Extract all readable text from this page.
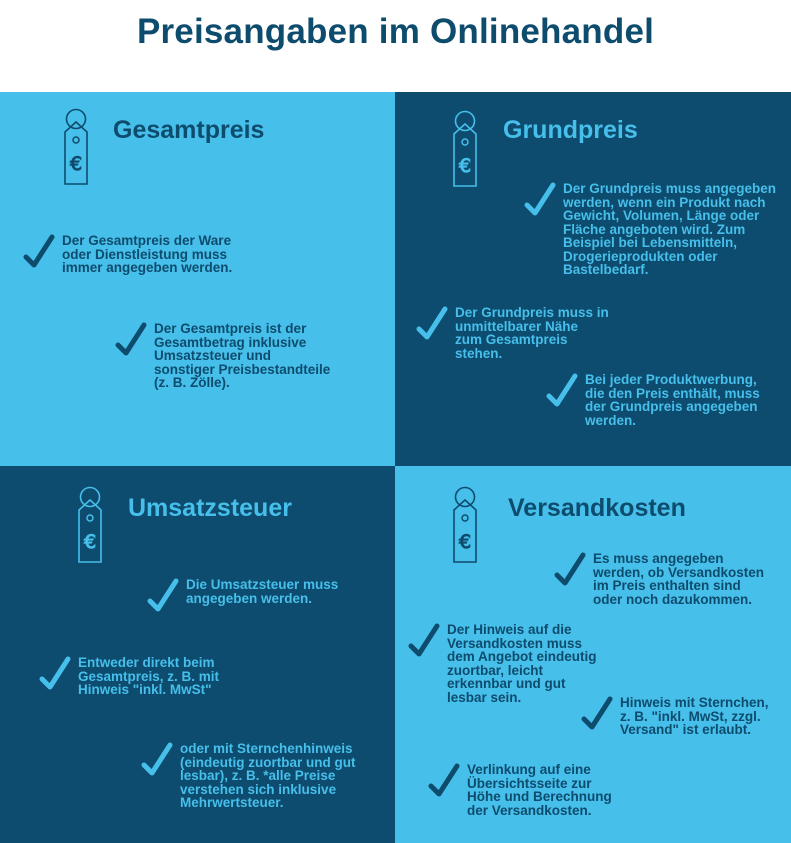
Preisangaben im Onlinehandel
€
Gesamtpreis
Der Gesamtpreis der Ware
oder Dienstleistung muss
immer angegeben werden.
Der Gesamtpreis ist der
Gesamtbetrag inklusive
Umsatzsteuer und
sonstiger Preisbestandteile
(z. B. Zölle).
€
Grundpreis
Der Grundpreis muss angegeben
werden, wenn ein Produkt nach
Gewicht, Volumen, Länge oder
Fläche angeboten wird. Zum
Beispiel bei Lebensmitteln,
Drogerieprodukten oder
Bastelbedarf.
Der Grundpreis muss in
unmittelbarer Nähe
zum Gesamtpreis
stehen.
Bei jeder Produktwerbung,
die den Preis enthält, muss
der Grundpreis angegeben
werden.
€
Umsatzsteuer
Die Umsatzsteuer muss
angegeben werden.
Entweder direkt beim
Gesamtpreis, z. B. mit
Hinweis "inkl. MwSt"
oder mit Sternchenhinweis
(eindeutig zuortbar und gut
lesbar), z. B. *alle Preise
verstehen sich inklusive
Mehrwertsteuer.
€
Versandkosten
Es muss angegeben
werden, ob Versandkosten
im Preis enthalten sind
oder noch dazukommen.
Der Hinweis auf die
Versandkosten muss
dem Angebot eindeutig
zuortbar, leicht
erkennbar und gut
lesbar sein.	Hinweis mit Sternchen,
z. B. "inkl. MwSt, zzgl.
Versand" ist erlaubt.
Verlinkung auf eine
Übersichtsseite zur
Höhe und Berechnung
der Versandkosten.
